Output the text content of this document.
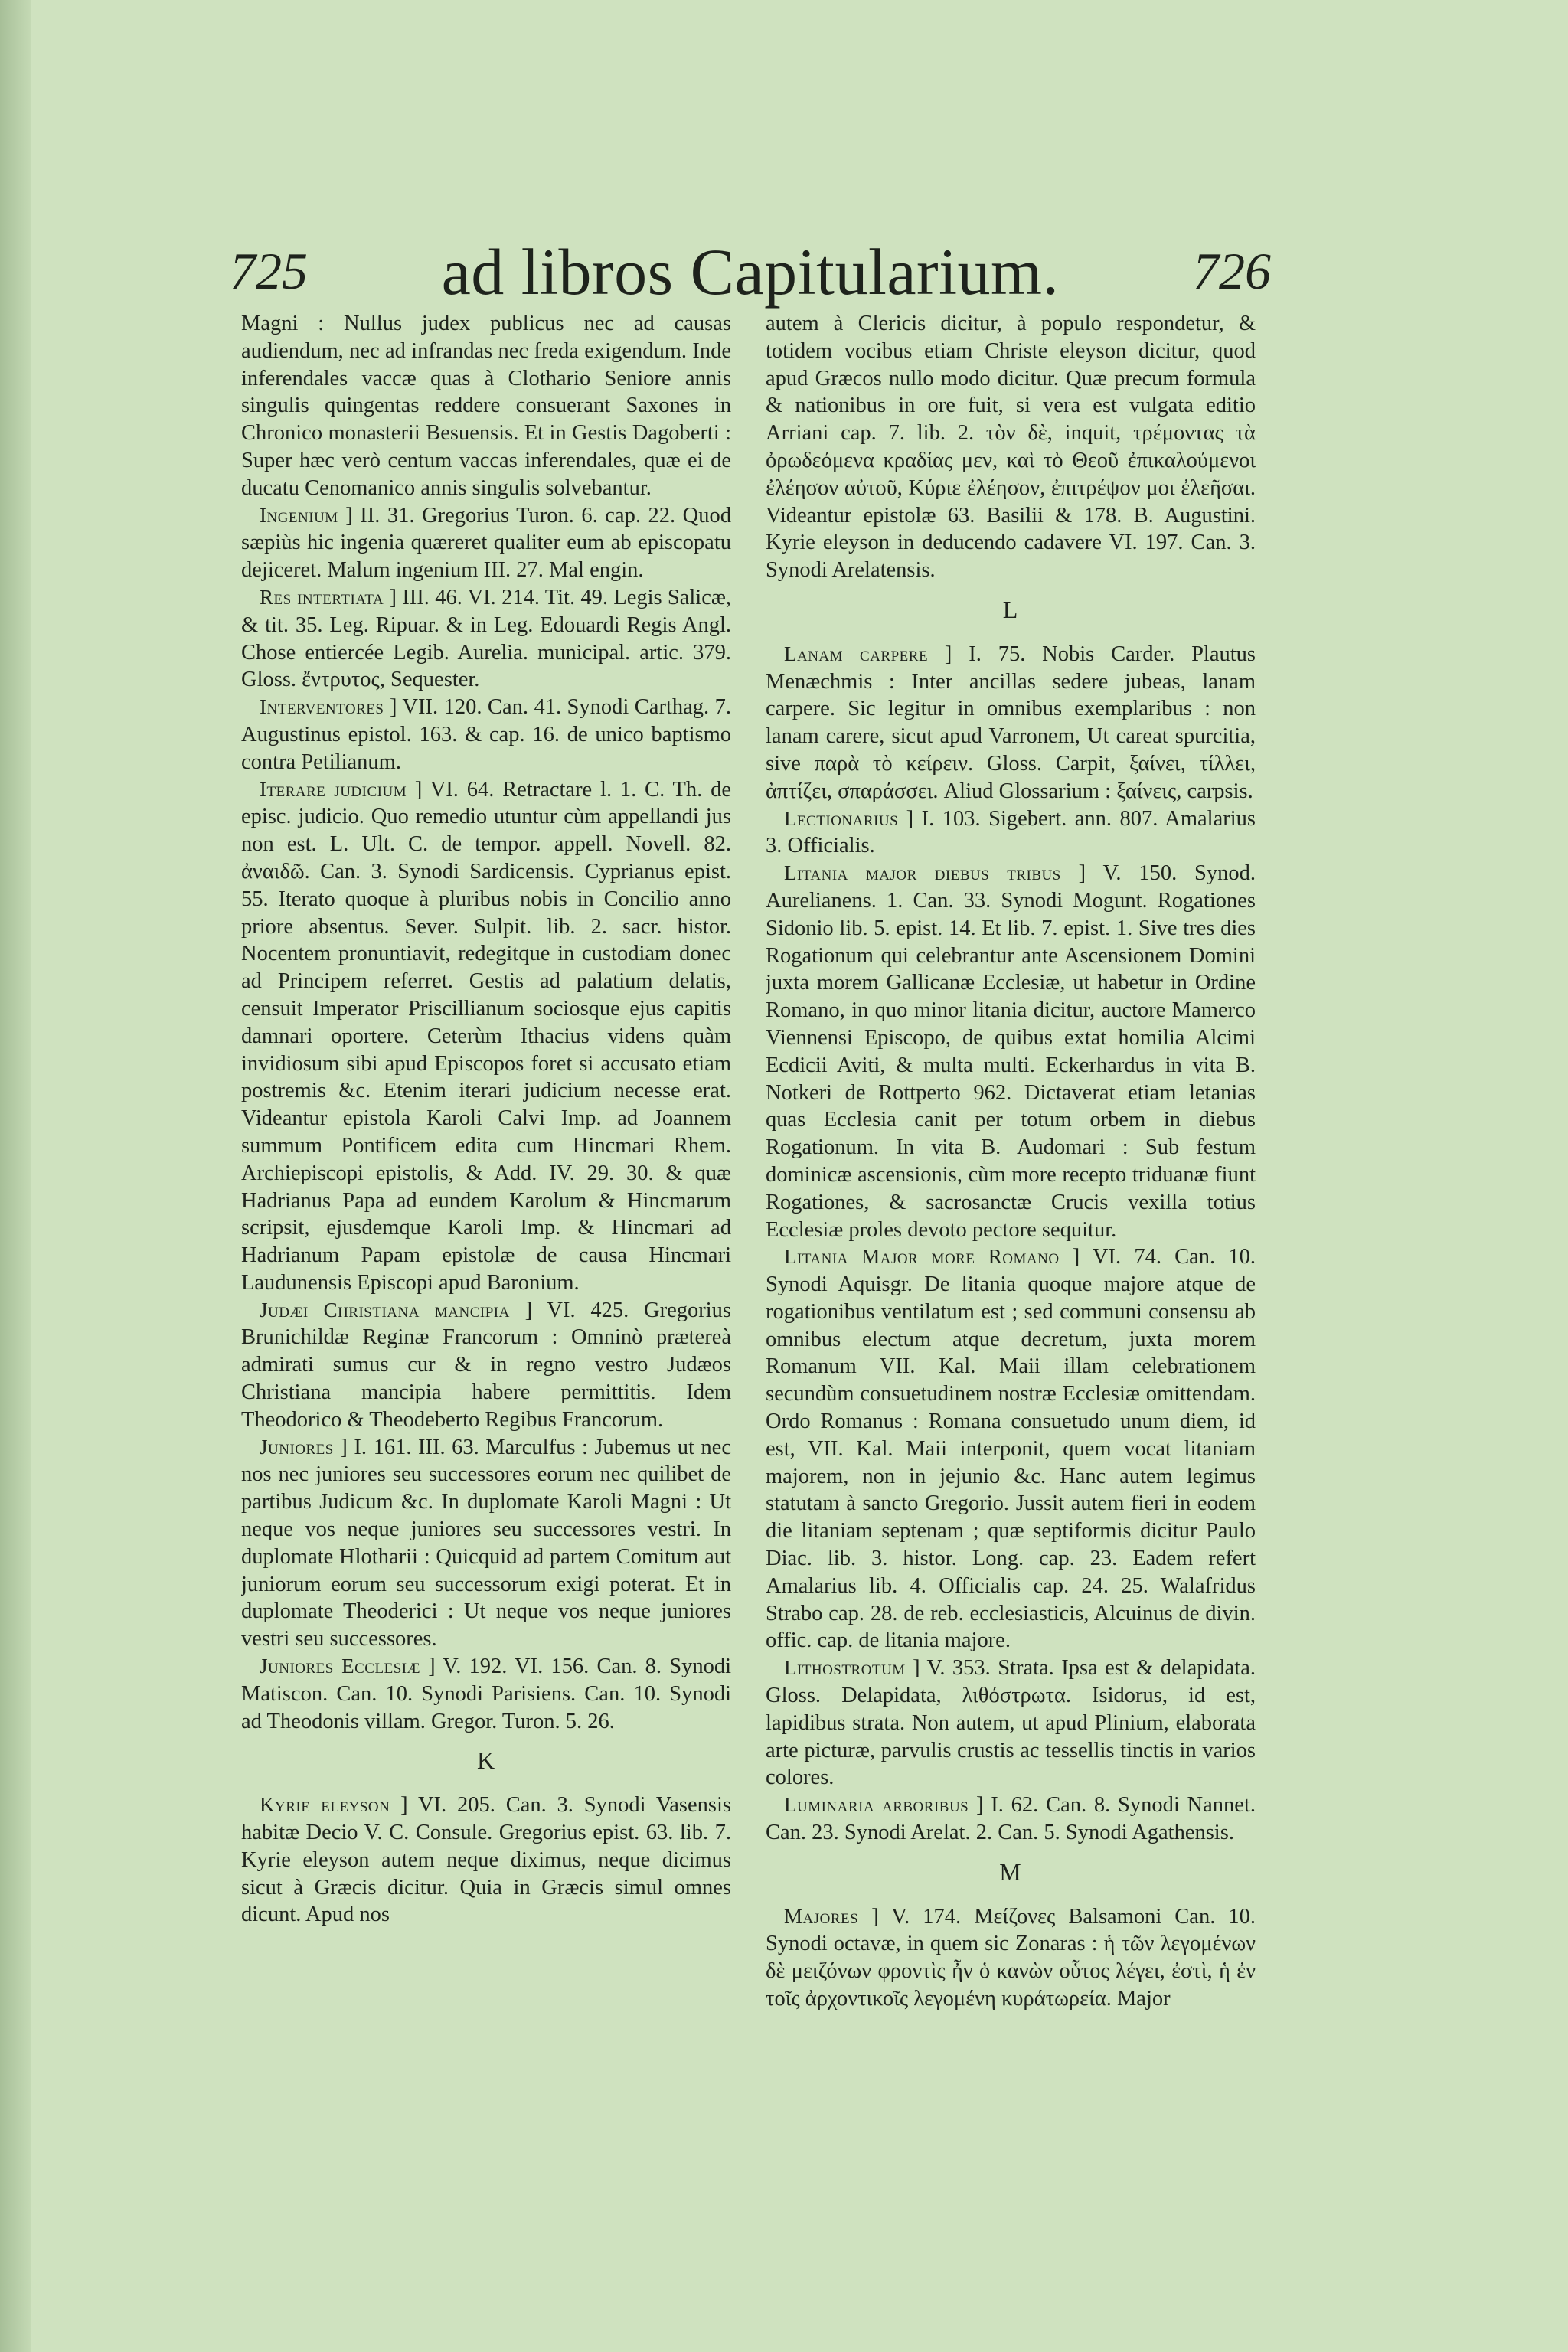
725	ad libros Capitularium.	726

Magni : Nullus judex publicus nec ad causas audiendum, nec ad infrandas nec freda exigendum. Inde inferendales vaccæ quas à Clothario Seniore annis singulis quingentas reddere consuerant Saxones in Chronico monasterii Besuensis. Et in Gestis Dagoberti : Super hæc verò centum vaccas inferendales, quæ ei de ducatu Cenomanico annis singulis solvebantur.

Ingenium ] II. 31. Gregorius Turon. 6. cap. 22. Quod sæpiùs hic ingenia quæreret qualiter eum ab episcopatu dejiceret. Malum ingenium III. 27. Mal engin.

Res intertiata ] III. 46. VI. 214. Tit. 49. Legis Salicæ, & tit. 35. Leg. Ripuar. & in Leg. Edouardi Regis Angl. Chose entiercée Legib. Aurelia. municipal. artic. 379. Gloss. ἔντρυτος, Sequester.

Interventores ] VII. 120. Can. 41. Synodi Carthag. 7. Augustinus epistol. 163. & cap. 16. de unico baptismo contra Petilianum.

Iterare judicium ] VI. 64. Retractare l. 1. C. Th. de episc. judicio. Quo remedio utuntur cùm appellandi jus non est. L. Ult. C. de tempor. appell. Novell. 82. ἀναιδῶ. Can. 3. Synodi Sardicensis. Cyprianus epist. 55. Iterato quoque à pluribus nobis in Concilio anno priore absentus. Sever. Sulpit. lib. 2. sacr. histor. Nocentem pronuntiavit, redegitque in custodiam donec ad Principem referret. Gestis ad palatium delatis, censuit Imperator Priscillianum sociosque ejus capitis damnari oportere. Ceterùm Ithacius videns quàm invidiosum sibi apud Episcopos foret si accusato etiam postremis &c. Etenim iterari judicium necesse erat. Videantur epistola Karoli Calvi Imp. ad Joannem summum Pontificem edita cum Hincmari Rhem. Archiepiscopi epistolis, & Add. IV. 29. 30. & quæ Hadrianus Papa ad eundem Karolum & Hincmarum scripsit, ejusdemque Karoli Imp. & Hincmari ad Hadrianum Papam epistolæ de causa Hincmari Laudunensis Episcopi apud Baronium.

Judæi Christiana mancipia ] VI. 425. Gregorius Brunichildæ Reginæ Francorum : Omninò prætereà admirati sumus cur & in regno vestro Judæos Christiana mancipia habere permittitis. Idem Theodorico & Theodeberto Regibus Francorum.

Juniores ] I. 161. III. 63. Marculfus : Jubemus ut nec nos nec juniores seu successores eorum nec quilibet de partibus Judicum &c. In duplomate Karoli Magni : Ut neque vos neque juniores seu successores vestri. In duplomate Hlotharii : Quicquid ad partem Comitum aut juniorum eorum seu successorum exigi poterat. Et in duplomate Theoderici : Ut neque vos neque juniores vestri seu successores.

Juniores Ecclesiæ ] V. 192. VI. 156. Can. 8. Synodi Matiscon. Can. 10. Synodi Parisiens. Can. 10. Synodi ad Theodonis villam. Gregor. Turon. 5. 26.

K

Kyrie eleyson ] VI. 205. Can. 3. Synodi Vasensis habitæ Decio V. C. Consule. Gregorius epist. 63. lib. 7. Kyrie eleyson autem neque diximus, neque dicimus sicut à Græcis dicitur. Quia in Græcis simul omnes dicunt. Apud nos

autem à Clericis dicitur, à populo respondetur, & totidem vocibus etiam Christe eleyson dicitur, quod apud Græcos nullo modo dicitur. Quæ precum formula & nationibus in ore fuit, si vera est vulgata editio Arriani cap. 7. lib. 2. τὸν δὲ, inquit, τρέμοντας τὰ ὀρωδεόμενα κραδίας μεν, καὶ τὸ Θεοῦ ἐπικαλούμενοι ἐλέησον αὐτοῦ, Κύριε ἐλέησον, ἐπιτρέψον μοι ἐλεῆσαι. Videantur epistolæ 63. Basilii & 178. B. Augustini. Kyrie eleyson in deducendo cadavere VI. 197. Can. 3. Synodi Arelatensis.

L

Lanam carpere ] I. 75. Nobis Carder. Plautus Menæchmis : Inter ancillas sedere jubeas, lanam carpere. Sic legitur in omnibus exemplaribus : non lanam carere, sicut apud Varronem, Ut careat spurcitia, sive παρὰ τὸ κείρειν. Gloss. Carpit, ξαίνει, τίλλει, ἀπτίζει, σπαράσσει. Aliud Glossarium : ξαίνεις, carpsis.

Lectionarius ] I. 103. Sigebert. ann. 807. Amalarius 3. Officialis.

Litania major diebus tribus ] V. 150. Synod. Aurelianens. 1. Can. 33. Synodi Mogunt. Rogationes Sidonio lib. 5. epist. 14. Et lib. 7. epist. 1. Sive tres dies Rogationum qui celebrantur ante Ascensionem Domini juxta morem Gallicanæ Ecclesiæ, ut habetur in Ordine Romano, in quo minor litania dicitur, auctore Mamerco Viennensi Episcopo, de quibus extat homilia Alcimi Ecdicii Aviti, & multa multi. Eckerhardus in vita B. Notkeri de Rottperto 962. Dictaverat etiam letanias quas Ecclesia canit per totum orbem in diebus Rogationum. In vita B. Audomari : Sub festum dominicæ ascensionis, cùm more recepto triduanæ fiunt Rogationes, & sacrosanctæ Crucis vexilla totius Ecclesiæ proles devoto pectore sequitur.

Litania Major more Romano ] VI. 74. Can. 10. Synodi Aquisgr. De litania quoque majore atque de rogationibus ventilatum est ; sed communi consensu ab omnibus electum atque decretum, juxta morem Romanum VII. Kal. Maii illam celebrationem secundùm consuetudinem nostræ Ecclesiæ omittendam. Ordo Romanus : Romana consuetudo unum diem, id est, VII. Kal. Maii interponit, quem vocat litaniam majorem, non in jejunio &c. Hanc autem legimus statutam à sancto Gregorio. Jussit autem fieri in eodem die litaniam septenam ; quæ septiformis dicitur Paulo Diac. lib. 3. histor. Long. cap. 23. Eadem refert Amalarius lib. 4. Officialis cap. 24. 25. Walafridus Strabo cap. 28. de reb. ecclesiasticis, Alcuinus de divin. offic. cap. de litania majore.

Lithostrotum ] V. 353. Strata. Ipsa est & delapidata. Gloss. Delapidata, λιθόστρωτα. Isidorus, id est, lapidibus strata. Non autem, ut apud Plinium, elaborata arte picturæ, parvulis crustis ac tessellis tinctis in varios colores.

Luminaria arboribus ] I. 62. Can. 8. Synodi Nannet. Can. 23. Synodi Arelat. 2. Can. 5. Synodi Agathensis.

M

Majores ] V. 174. Μείζονες Balsamoni Can. 10. Synodi octavæ, in quem sic Zonaras : ἡ τῶν λεγομένων δὲ μειζόνων φροντὶς ἦν ὁ κανὼν οὗτος λέγει, ἐστὶ, ἡ ἐν τοῖς ἀρχοντικοῖς λεγομένη κυράτωρεία. Major
